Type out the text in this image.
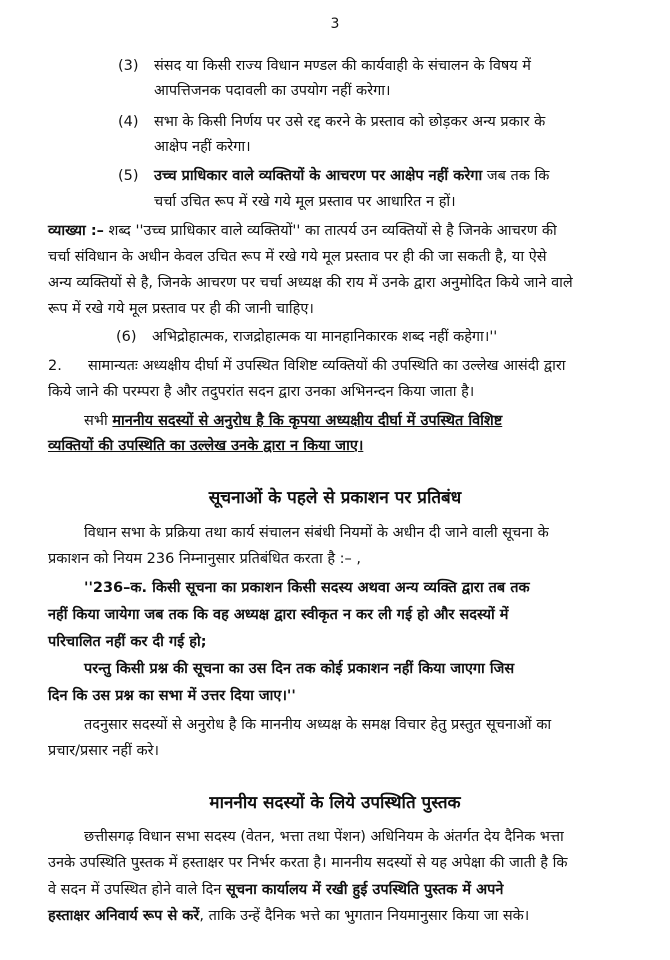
3
(3) संसद या किसी राज्य विधान मण्डल की कार्यवाही के संचालन के विषय में
आपत्तिजनक पदावली का उपयोग नहीं करेगा।
(4) सभा के किसी निर्णय पर उसे रद्द करने के प्रस्ताव को छोड़कर अन्य प्रकार के
आक्षेप नहीं करेगा।
(5) उच्च प्राधिकार वाले व्यक्तियों के आचरण पर आक्षेप नहीं करेगा जब तक कि
चर्चा उचित रूप में रखे गये मूल प्रस्ताव पर आधारित न हों।
व्याख्या :– शब्द ''उच्च प्राधिकार वाले व्यक्तियों'' का तात्पर्य उन व्यक्तियों से है जिनके आचरण की
चर्चा संविधान के अधीन केवल उचित रूप में रखे गये मूल प्रस्ताव पर ही की जा सकती है, या ऐसे
अन्य व्यक्तियों से है, जिनके आचरण पर चर्चा अध्यक्ष की राय में उनके द्वारा अनुमोदित किये जाने वाले
रूप में रखे गये मूल प्रस्ताव पर ही की जानी चाहिए।
(6) अभिद्रोहात्मक, राजद्रोहात्मक या मानहानिकारक शब्द नहीं कहेगा।''
2. सामान्यतः अध्यक्षीय दीर्घा में उपस्थित विशिष्ट व्यक्तियों की उपस्थिति का उल्लेख आसंदी द्वारा
किये जाने की परम्परा है और तदुपरांत सदन द्वारा उनका अभिनन्दन किया जाता है।
सभी माननीय सदस्यों से अनुरोध है कि कृपया अध्यक्षीय दीर्घा में उपस्थित विशिष्ट
व्यक्तियों की उपस्थिति का उल्लेख उनके द्वारा न किया जाए।
सूचनाओं के पहले से प्रकाशन पर प्रतिबंध
विधान सभा के प्रक्रिया तथा कार्य संचालन संबंधी नियमों के अधीन दी जाने वाली सूचना के
प्रकाशन को नियम 236 निम्नानुसार प्रतिबंधित करता है :– ,
''236–क. किसी सूचना का प्रकाशन किसी सदस्य अथवा अन्य व्यक्ति द्वारा तब तक
नहीं किया जायेगा जब तक कि वह अध्यक्ष द्वारा स्वीकृत न कर ली गई हो और सदस्यों में
परिचालित नहीं कर दी गई हो;
परन्तु किसी प्रश्न की सूचना का उस दिन तक कोई प्रकाशन नहीं किया जाएगा जिस
दिन कि उस प्रश्न का सभा में उत्तर दिया जाए।''
तदनुसार सदस्यों से अनुरोध है कि माननीय अध्यक्ष के समक्ष विचार हेतु प्रस्तुत सूचनाओं का
प्रचार/प्रसार नहीं करे।
माननीय सदस्यों के लिये उपस्थिति पुस्तक
छत्तीसगढ़ विधान सभा सदस्य (वेतन, भत्ता तथा पेंशन) अधिनियम के अंतर्गत देय दैनिक भत्ता
उनके उपस्थिति पुस्तक में हस्ताक्षर पर निर्भर करता है। माननीय सदस्यों से यह अपेक्षा की जाती है कि
वे सदन में उपस्थित होने वाले दिन सूचना कार्यालय में रखी हुई उपस्थिति पुस्तक में अपने
हस्ताक्षर अनिवार्य रूप से करें, ताकि उन्हें दैनिक भत्ते का भुगतान नियमानुसार किया जा सके।
